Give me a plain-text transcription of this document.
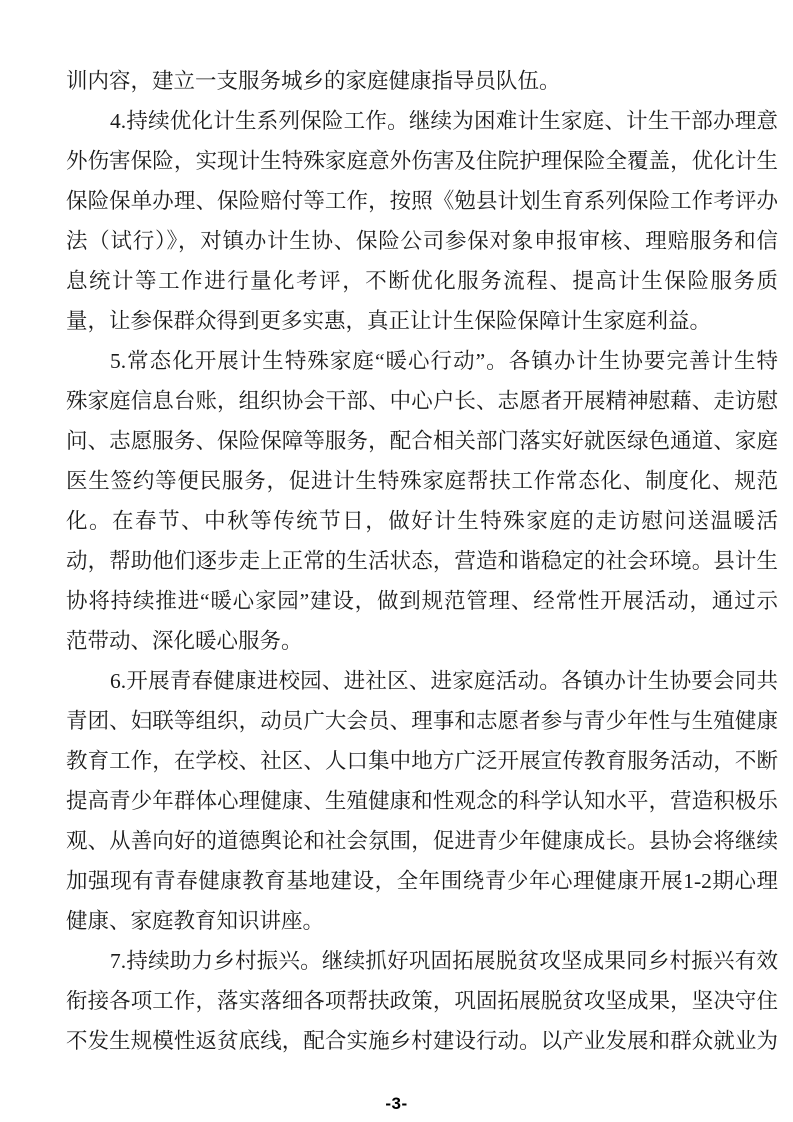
训内容，建立一支服务城乡的家庭健康指导员队伍。
4.持续优化计生系列保险工作。继续为困难计生家庭、计生干部办理意
外伤害保险，实现计生特殊家庭意外伤害及住院护理保险全覆盖，优化计生
保险保单办理、保险赔付等工作，按照《勉县计划生育系列保险工作考评办
法（试行）》，对镇办计生协、保险公司参保对象申报审核、理赔服务和信
息统计等工作进行量化考评，不断优化服务流程、提高计生保险服务质
量，让参保群众得到更多实惠，真正让计生保险保障计生家庭利益。
5.常态化开展计生特殊家庭“暖心行动”。各镇办计生协要完善计生特
殊家庭信息台账，组织协会干部、中心户长、志愿者开展精神慰藉、走访慰
问、志愿服务、保险保障等服务，配合相关部门落实好就医绿色通道、家庭
医生签约等便民服务，促进计生特殊家庭帮扶工作常态化、制度化、规范
化。在春节、中秋等传统节日，做好计生特殊家庭的走访慰问送温暖活
动，帮助他们逐步走上正常的生活状态，营造和谐稳定的社会环境。县计生
协将持续推进“暖心家园”建设，做到规范管理、经常性开展活动，通过示
范带动、深化暖心服务。
6.开展青春健康进校园、进社区、进家庭活动。各镇办计生协要会同共
青团、妇联等组织，动员广大会员、理事和志愿者参与青少年性与生殖健康
教育工作，在学校、社区、人口集中地方广泛开展宣传教育服务活动，不断
提高青少年群体心理健康、生殖健康和性观念的科学认知水平，营造积极乐
观、从善向好的道德舆论和社会氛围，促进青少年健康成长。县协会将继续
加强现有青春健康教育基地建设，全年围绕青少年心理健康开展1-2期心理
健康、家庭教育知识讲座。
7.持续助力乡村振兴。继续抓好巩固拓展脱贫攻坚成果同乡村振兴有效
衔接各项工作，落实落细各项帮扶政策，巩固拓展脱贫攻坚成果，坚决守住
不发生规模性返贫底线，配合实施乡村建设行动。以产业发展和群众就业为
-3-
